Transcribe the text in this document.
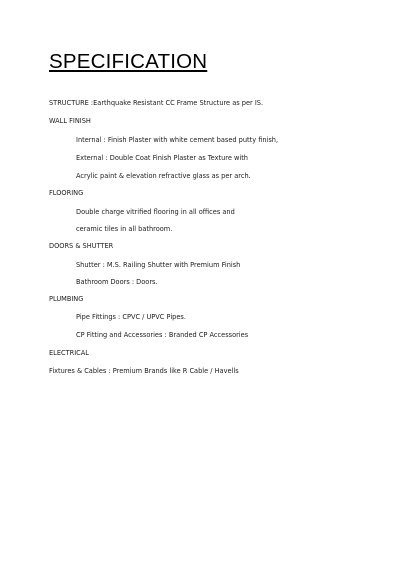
SPECIFICATION
STRUCTURE :Earthquake Resistant CC Frame Structure as per IS.
WALL FINISH
Internal : Finish Plaster with white cement based putty finish,
External : Double Coat Finish Plaster as Texture with
Acrylic paint & elevation refractive glass as per arch.
FLOORING
Double charge vitrified flooring in all offices and
ceramic tiles in all bathroom.
DOORS & SHUTTER
Shutter : M.S. Railing Shutter with Premium Finish
Bathroom Doors : Doors.
PLUMBING
Pipe Fittings : CPVC / UPVC Pipes.
CP Fitting and Accessories : Branded CP Accessories
ELECTRICAL
Fixtures & Cables : Premium Brands like R Cable / Havells
